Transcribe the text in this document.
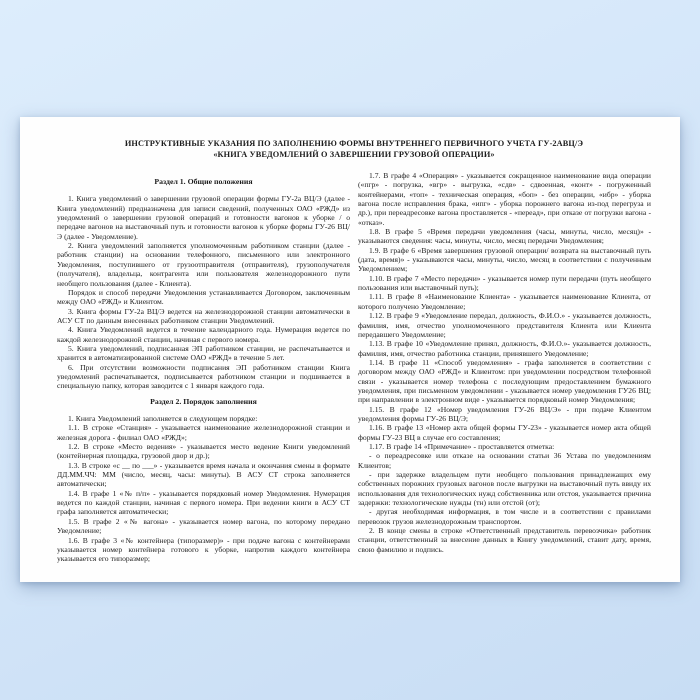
ИНСТРУКТИВНЫЕ УКАЗАНИЯ ПО ЗАПОЛНЕНИЮ ФОРМЫ ВНУТРЕННЕГО ПЕРВИЧНОГО УЧЕТА ГУ-2АВЦ/Э
«КНИГА УВЕДОМЛЕНИЙ О ЗАВЕРШЕНИИ ГРУЗОВОЙ ОПЕРАЦИИ»
Раздел 1. Общие положения

1. Книга уведомлений о завершении грузовой операции формы ГУ-2а ВЦ/Э (далее - Книга уведомлений) предназначена для записи сведений, полученных ОАО «РЖД» из уведомлений о завершении грузовой операций и готовности вагонов к уборке / о передаче вагонов на выставочный путь и готовности вагонов к уборке формы ГУ-26 ВЦ/Э (далее - Уведомление).

2. Книга уведомлений заполняется уполномоченным работником станции (далее - работник станции) на основании телефонного, письменного или электронного Уведомления, поступившего от грузоотправителя (отправителя), грузополучателя (получателя), владельца, контрагента или пользователя железнодорожного пути необщего пользования (далее - Клиента).

Порядок и способ передачи Уведомления устанавливается Договором, заключенным между ОАО «РЖД» и Клиентом.

3. Книга формы ГУ-2а ВЦ/Э ведется на железнодорожной станции автоматически в АСУ СТ по данным внесенных работником станции Уведомлений.

4. Книга Уведомлений ведется в течение календарного года. Нумерация ведется по каждой железнодорожной станции, начиная с первого номера.

5. Книга уведомлений, подписанная ЭП работником станции, не распечатывается и хранится в автоматизированной системе ОАО «РЖД» в течение 5 лет.

6. При отсутствии возможности подписания ЭП работником станции Книга уведомлений распечатывается, подписывается работником станции и подшивается в специальную папку, которая заводится с 1 января каждого года.

Раздел 2. Порядок заполнения

1. Книга Уведомлений заполняется в следующем порядке:

1.1. В строке «Станция» - указывается наименование железнодорожной станции и железная дорога - филиал ОАО «РЖД»;

1.2. В строке «Место ведения» - указывается место ведение Книги уведомлений (контейнерная площадка, грузовой двор и др.);

1.3. В строке «с __ по ___» - указывается время начала и окончания смены в формате ДД.ММ.ЧЧ: ММ (число, месяц, часы: минуты). В АСУ СТ строка заполняется автоматически;

1.4. В графе 1 «№ п/п» - указывается порядковый номер Уведомления. Нумерация ведется по каждой станции, начиная с первого номера. При ведении книги в АСУ СТ графа заполняется автоматически;

1.5. В графе 2 «№ вагона» - указывается номер вагона, по которому передано Уведомление;

1.6. В графе 3 «№ контейнера (типоразмер)» - при подаче вагона с контейнерами указывается номер контейнера готового к уборке, напротив каждого контейнера указывается его типоразмер;

1.7. В графе 4 «Операция» - указывается сокращенное наименование вида операции («пгр» - погрузка, «вгр» - выгрузка, «сдв» - сдвоенная, «конт» - погруженный контейнерами, «топ» - техническая операция, «боп» - без операции, «ибр» - уборка вагона после исправления брака, «ипг» - уборка порожнего вагона из-под перегруза и др.), при переадресовке вагона проставляется - «переад», при отказе от погрузки вагона - «отказ».

1.8. В графе 5 «Время передачи уведомления (часы, минуты, число, месяц)» - указываются сведения: часы, минуты, число, месяц передачи Уведомления;

1.9. В графе 6 «Время завершения грузовой операции/ возврата на выставочный путь (дата, время)» - указываются часы, минуты, число, месяц в соответствии с полученным Уведомлением;

1.10. В графе 7 «Место передачи» - указывается номер пути передачи (путь необщего пользования или выставочный путь);

1.11. В графе 8 «Наименование Клиента» - указывается наименование Клиента, от которого получено Уведомление;

1.12. В графе 9 «Уведомление передал, должность, Ф.И.О.» - указывается должность, фамилия, имя, отчество уполномоченного представителя Клиента или Клиента передавшего Уведомление;

1.13. В графе 10 «Уведомление принял, должность, Ф.И.О.»- указывается должность, фамилия, имя, отчество работника станции, принявшего Уведомление;

1.14. В графе 11 «Способ уведомления» - графа заполняется в соответствии с договором между ОАО «РЖД» и Клиентом: при уведомлении посредством телефонной связи - указывается номер телефона с последующим предоставлением бумажного уведомления, при письменном уведомлении - указывается номер уведомления ГУ26 ВЦ; при направлении в электронном виде - указывается порядковый номер Уведомления;

1.15. В графе 12 «Номер уведомления ГУ-26 ВЦ/Э» - при подаче Клиентом уведомления формы ГУ-26 ВЦ/Э;

1.16. В графе 13 «Номер акта общей формы ГУ-23» - указывается номер акта общей формы ГУ-23 ВЦ в случае его составления;

1.17. В графе 14 «Примечание» - проставляется отметка:

- о переадресовке или отказе на основании статьи 36 Устава по уведомлениям Клиентов;

- при задержке владельцем пути необщего пользования принадлежащих ему собственных порожних грузовых вагонов после выгрузки на выставочный путь ввиду их использования для технологических нужд собственника или отстоя, указывается причина задержки: технологические нужды (тн) или отстой (от);

- другая необходимая информация, в том числе и в соответствии с правилами перевозок грузов железнодорожным транспортом.

2. В конце смены в строке «Ответственный представитель перевозчика» работник станции, ответственный за внесение данных в Книгу уведомлений, ставит дату, время, свою фамилию и подпись.
